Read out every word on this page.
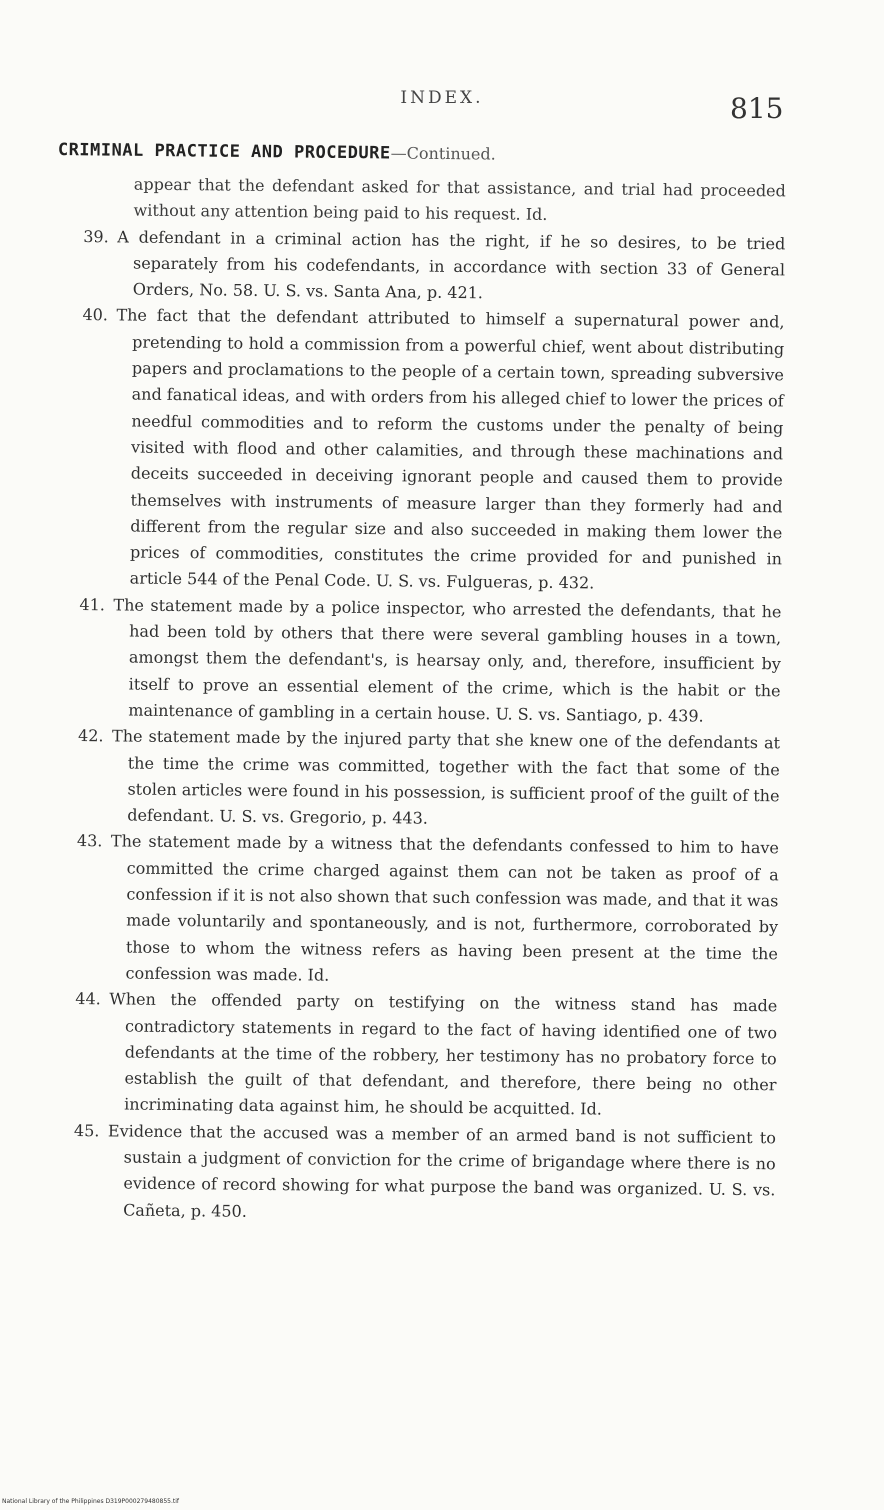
INDEX.	815
CRIMINAL PRACTICE AND PROCEDURE—Continued.

appear that the defendant asked for that assistance, and trial had proceeded without any attention being paid to his request. Id.

39. A defendant in a criminal action has the right, if he so desires, to be tried separately from his codefendants, in accordance with section 33 of General Orders, No. 58. U. S. vs. Santa Ana, p. 421.

40. The fact that the defendant attributed to himself a supernatural power and, pretending to hold a commission from a powerful chief, went about distributing papers and proclamations to the people of a certain town, spreading subversive and fanatical ideas, and with orders from his alleged chief to lower the prices of needful commodities and to reform the customs under the penalty of being visited with flood and other calamities, and through these machinations and deceits succeeded in deceiving ignorant people and caused them to provide themselves with instruments of measure larger than they formerly had and different from the regular size and also succeeded in making them lower the prices of commodities, constitutes the crime provided for and punished in article 544 of the Penal Code. U. S. vs. Fulgueras, p. 432.

41. The statement made by a police inspector, who arrested the defendants, that he had been told by others that there were several gambling houses in a town, amongst them the defendant's, is hearsay only, and, therefore, insufficient by itself to prove an essential element of the crime, which is the habit or the maintenance of gambling in a certain house. U. S. vs. Santiago, p. 439.

42. The statement made by the injured party that she knew one of the defendants at the time the crime was committed, together with the fact that some of the stolen articles were found in his possession, is sufficient proof of the guilt of the defendant. U. S. vs. Gregorio, p. 443.

43. The statement made by a witness that the defendants confessed to him to have committed the crime charged against them can not be taken as proof of a confession if it is not also shown that such confession was made, and that it was made voluntarily and spontaneously, and is not, furthermore, corroborated by those to whom the witness refers as having been present at the time the confession was made. Id.

44. When the offended party on testifying on the witness stand has made contradictory statements in regard to the fact of having identified one of two defendants at the time of the robbery, her testimony has no probatory force to establish the guilt of that defendant, and therefore, there being no other incriminating data against him, he should be acquitted. Id.

45. Evidence that the accused was a member of an armed band is not sufficient to sustain a judgment of conviction for the crime of brigandage where there is no evidence of record showing for what purpose the band was organized. U. S. vs. Cañeta, p. 450.

National Library of the Philippines D319P000279480855.tif
